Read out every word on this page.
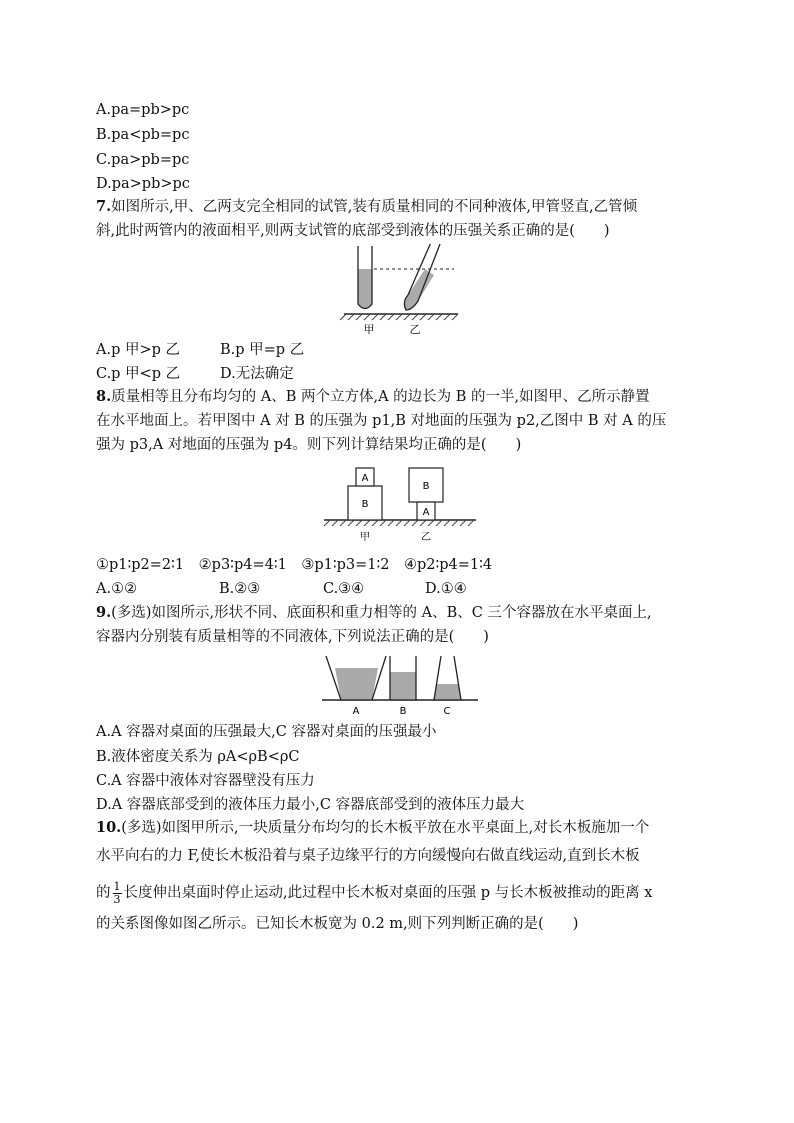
A.pa=pb>pc
B.pa<pb=pc
C.pa>pb=pc
D.pa>pb>pc
7.如图所示,甲、乙两支完全相同的试管,装有质量相同的不同种液体,甲管竖直,乙管倾
斜,此时两管内的液面相平,则两支试管的底部受到液体的压强关系正确的是(　　)
甲	乙
A.p 甲>p 乙	B.p 甲=p 乙
C.p 甲<p 乙	D.无法确定
8.质量相等且分布均匀的 A、B 两个立方体,A 的边长为 B 的一半,如图甲、乙所示静置
在水平地面上。若甲图中 A 对 B 的压强为 p1,B 对地面的压强为 p2,乙图中 B 对 A 的压
强为 p3,A 对地面的压强为 p4。则下列计算结果均正确的是(　　)
A
B
B
A
甲	乙
①p1∶p2=2∶1　②p3∶p4=4∶1　③p1∶p3=1∶2　④p2∶p4=1∶4
A.①②	B.②③	C.③④	D.①④
9.(多选)如图所示,形状不同、底面积和重力相等的 A、B、C 三个容器放在水平桌面上,
容器内分别装有质量相等的不同液体,下列说法正确的是(　　)
A	B	C
A.A 容器对桌面的压强最大,C 容器对桌面的压强最小
B.液体密度关系为 ρA<ρB<ρC
C.A 容器中液体对容器壁没有压力
D.A 容器底部受到的液体压力最小,C 容器底部受到的液体压力最大
10.(多选)如图甲所示,一块质量分布均匀的长木板平放在水平桌面上,对长木板施加一个
水平向右的力 F,使长木板沿着与桌子边缘平行的方向缓慢向右做直线运动,直到长木板
的 $\frac{1}{3}$ 长度伸出桌面时停止运动,此过程中长木板对桌面的压强 p 与长木板被推动的距离 x
的关系图像如图乙所示。已知长木板宽为 0.2 m,则下列判断正确的是(　　)
